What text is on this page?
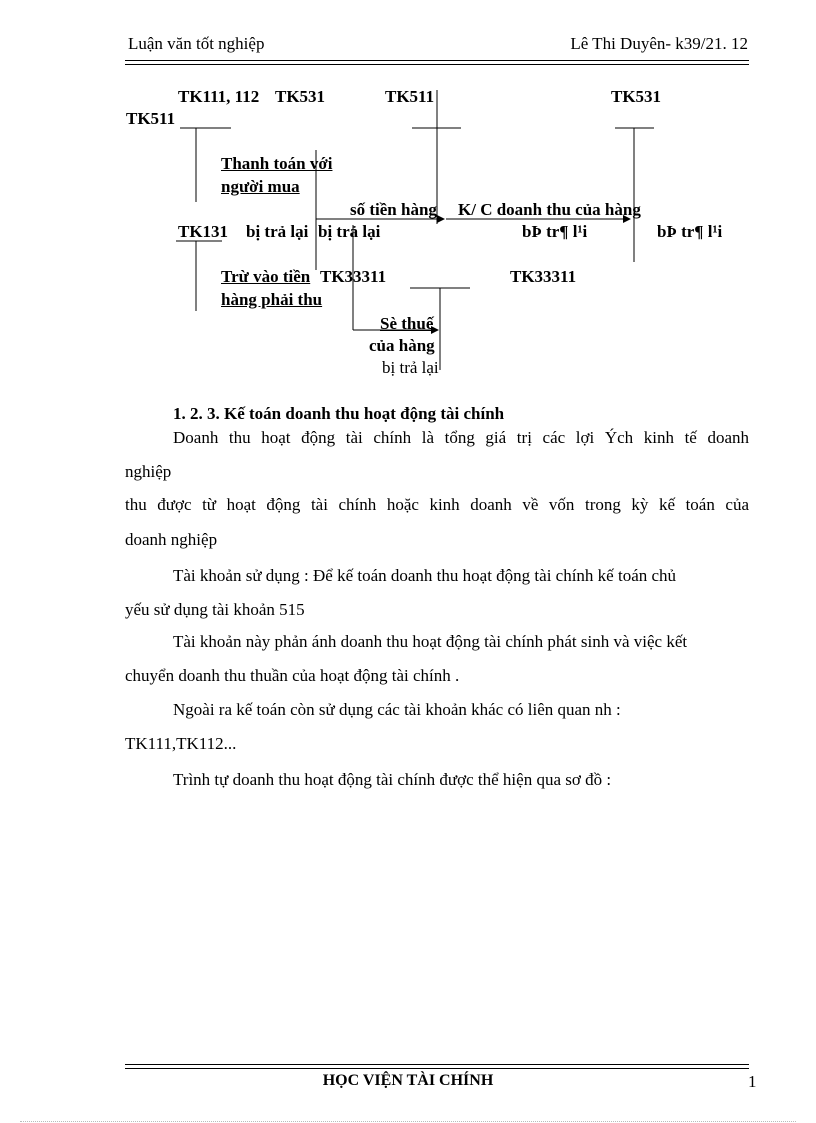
Luận văn tốt nghiệp	Lê Thi Duyên- k39/21. 12
TK111, 112 TK531
TK511
TK511	TK531
Thanh toán với
người mua
số tiền hàng K/ C doanh thu của hàng
TK131 bị trả lại bị trả lại	bÞ tr¶ l¹i	bÞ tr¶ l¹i
Trừ vào tiền TK33311	TK33311
hàng phải thu
Sè thuế
của hàng
bị trả lại
1. 2. 3. Kế toán doanh thu hoạt động tài chính
Doanh thu hoạt động tài chính là tổng giá trị các lợi Ých kinh tế doanh
nghiệp
thu được từ hoạt động tài chính hoặc kinh doanh về vốn trong kỳ kế toán của
doanh nghiệp
Tài khoản sử dụng : Để kế toán doanh thu hoạt động tài chính kế toán chủ
yếu sử dụng tài khoản 515
Tài khoản này phản ánh doanh thu hoạt động tài chính phát sinh và việc kết
chuyển doanh thu thuần của hoạt động tài chính .
Ngoài ra kế toán còn sử dụng các tài khoản khác có liên quan nh :
TK111,TK112...
Trình tự doanh thu hoạt động tài chính được thể hiện qua sơ đồ :
HỌC VIỆN TÀI CHÍNH	1
